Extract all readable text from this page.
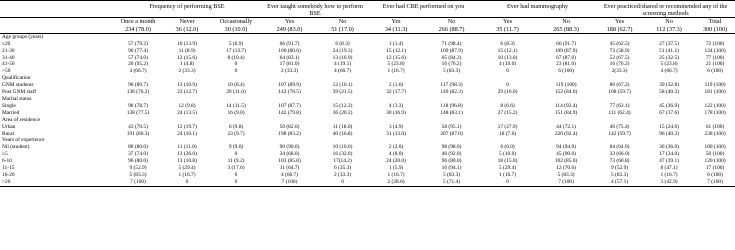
	Frequency of performing BSE			Ever taught somebody how to perform BSE		Ever had CBE performed on you		Ever had mammography		Ever practiced/shared or recommended any of the screening methods		
	Once a month	Never	Occasionally	Yes	No	Yes	No	Yes	No	Yes	No	Total
	234 (78.0)	36 (12.0)	30 (10.0)	249 (83.0)	51 (17.0)	34 (11.3)	266 (88.7)	35 (11.7)	265 (88.3)	188 (62.7)	112 (37.3)	300 (100)
Age groups (years)												
≤20	57 (79.2)	10 (13.9)	5 (6.9)	66 (91.7)	6 (8.3)	1 (1.4)	71 (98.4)	6 (8.3)	66 (91.7)	45 (62.5)	27 (37.5)	72 (100)
21-30	96 (77.4)	11 (8.9)	17 (13.7)	100 (80.6)	24 (19.3)	15 (12.1)	109 (87.9)	15 (12.1)	109 (87.9)	73 (58.9)	51 (41.1)	124 (100)
31-40	57 (74.0)	12 (15.6)	8 (10.4)	64 (83.1)	13 (16.9)	12 (15.6)	65 (84.3)	10 (13.0)	67 (87.0)	52 (67.5)	25 (32.5)	77 (100)
41-50	20 (95.2)	1 (4.8)	0	17 (81.0)	4 (19.1)	5 (23.8)	16 (76.2)	4 (19.0)	23 (81.0)	16 (76.2)	5 (23.8)	21 (100)
>50	4 (66.7)	2 (33.3)	0	2 (33.3)	4 (66.7)	1 (16.7)	5 (83.3)	0	6 (100)	2(33.3)	4 (66.7)	6 (100)
Qualification												
GNM students	96 (80.7)	13 (10.9)	10 (8.4)	107 (89.9)	12 (10.1)	2 (1.6)	117 (98.3)	0	119 (100)	80 (67.2)	39 (32.8)	119 (100)
Post GNM staff	138 (76.2)	23 (12.7)	20 (11.0)	142 (78.5)	39 (21.5)	32 (17.7)	149 (82.3)	29 (16.0)	152 (84.0)	108 (59.7)	58 (40.3)	181 (100)
Marital status												
Single	96 (78.7)	12 (9.8)	14 (11.5)	107 (87.7)	15 (12.3)	4 (3.3)	118 (96.8)	8 (6.6)	114 (93.4)	77 (63.1)	45 (36.9)	122 (100)
Married	138 (77.5)	24 (13.5)	16 (9.0)	142 (79.8)	36 (20.2)	30 (16.9)	148 (83.1)	27 (15.2)	151 (84.9)	111 (62.4)	67 (37.6)	178 (100)
Area of residence												
Urban	43 (70.5)	12 (19.7)	6 (9.8)	50 (82.0)	11 (18.0)	3 (4.9)	58 (95.1)	17 (27.9)	44 (72.1)	46 (75.4)	15 (24.6)	61 (100)
Rural	191 (80.3)	24 (10.1)	23 (9.7)	198 (83.2)	40 (16.8)	31 (13.0)	207 (87.0)	18 (7.6)	220 (92.4)	142 (59.7)	96 (40.3)	238 (100)
Years of experience												
Nil (student)	80 (80.0)	11 (11.0)	9 (9.0)	90 (90.0)	10 (10.0)	2 (2.0)	98 (98.0)	6 (6.0)	94 (94.0)	64 (64.0)	36 (36.0)	100 (100)
≤5	37 (74.0)	13 (26.0)	0	34 (68.0)	16 (32.0)	4 (8.0)	46 (92.0)	5 (10.0)	45 (90.0)	33 (66.0)	17 (34.0)	50 (100)
6-10	96 (80.0)	13 (10.8)	11 (9.2)	103 (85.8)	17(14.2)	24 (20.0)	96 (80.0)	18 (15.0)	102 (85.0)	73 (60.8)	47 (39.1)	120 (100)
11-15	9 (52.9)	5 (29.4)	3 (17.6)	11 (64.7)	6 (35.3)	1 (5.9)	16 (94.1)	5 (29.4)	12 (70.6)	9 (52.9)	8 (47.1)	17 (100)
16-20	5 (83.3)	1 (16.7)	0	4 (66.7)	2 (33.3)	1 (16.7)	5 (83.3)	1 (16.7)	5 (83.3)	5 (83.3)	1 (16.7)	6 (100)
>20	7 (100)	0	0	7 (100)	0	2 (28.6)	5 (71.4)	0	7 (100)	4 (57.1)	3 (42.9)	7 (100)
